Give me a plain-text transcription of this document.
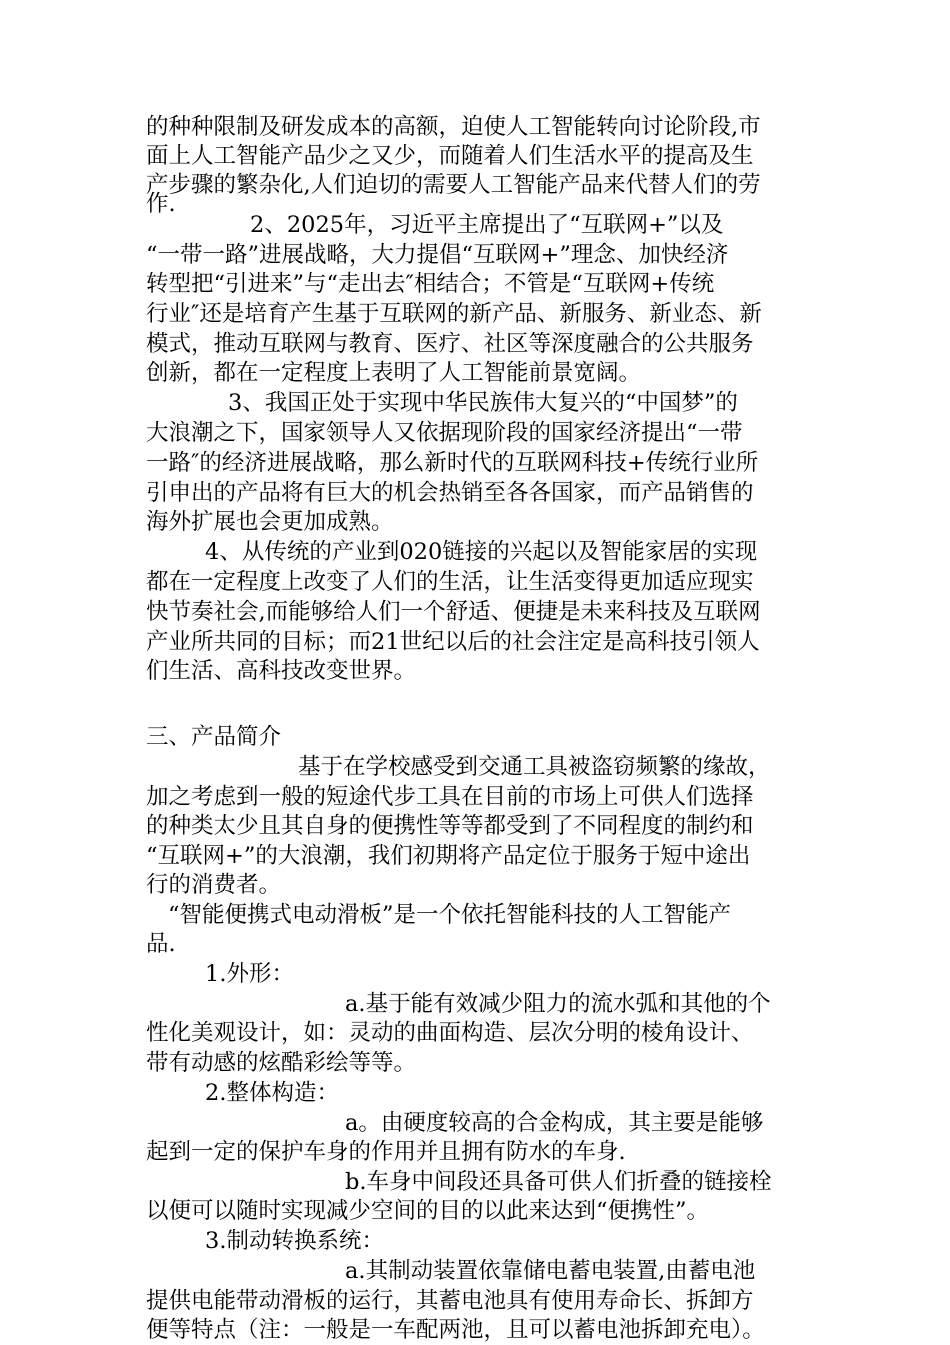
的种种限制及研发成本的高额，迫使人工智能转向讨论阶段,市

面上人工智能产品少之又少，而随着人们生活水平的提高及生

产步骤的繁杂化,人们迫切的需要人工智能产品来代替人们的劳

作.

2、2025年，习近平主席提出了“互联网+”以及

“一带一路”进展战略，大力提倡“互联网+”理念、加快经济

转型把“引进来”与“走出去″相结合；不管是“互联网+传统

行业″还是培育产生基于互联网的新产品、新服务、新业态、新

模式，推动互联网与教育、医疗、社区等深度融合的公共服务

创新，都在一定程度上表明了人工智能前景宽阔。

3、我国正处于实现中华民族伟大复兴的“中国梦”的

大浪潮之下，国家领导人又依据现阶段的国家经济提出“一带

一路″的经济进展战略，那么新时代的互联网科技+传统行业所

引申出的产品将有巨大的机会热销至各各国家，而产品销售的

海外扩展也会更加成熟。

4、从传统的产业到020链接的兴起以及智能家居的实现

都在一定程度上改变了人们的生活，让生活变得更加适应现实

快节奏社会,而能够给人们一个舒适、便捷是未来科技及互联网

产业所共同的目标；而21世纪以后的社会注定是高科技引领人

们生活、高科技改变世界。

三、产品简介

基于在学校感受到交通工具被盗窃频繁的缘故，

加之考虑到一般的短途代步工具在目前的市场上可供人们选择

的种类太少且其自身的便携性等等都受到了不同程度的制约和

“互联网+”的大浪潮，我们初期将产品定位于服务于短中途出

行的消费者。

“智能便携式电动滑板”是一个依托智能科技的人工智能产

品.

1.外形：

a.基于能有效减少阻力的流水弧和其他的个

性化美观设计，如：灵动的曲面构造、层次分明的棱角设计、

带有动感的炫酷彩绘等等。

2.整体构造：

a。由硬度较高的合金构成，其主要是能够

起到一定的保护车身的作用并且拥有防水的车身.

b.车身中间段还具备可供人们折叠的链接栓

以便可以随时实现减少空间的目的以此来达到“便携性”。

3.制动转换系统：

a.其制动装置依靠储电蓄电装置,由蓄电池

提供电能带动滑板的运行，其蓄电池具有使用寿命长、拆卸方

便等特点（注：一般是一车配两池，且可以蓄电池拆卸充电）。
